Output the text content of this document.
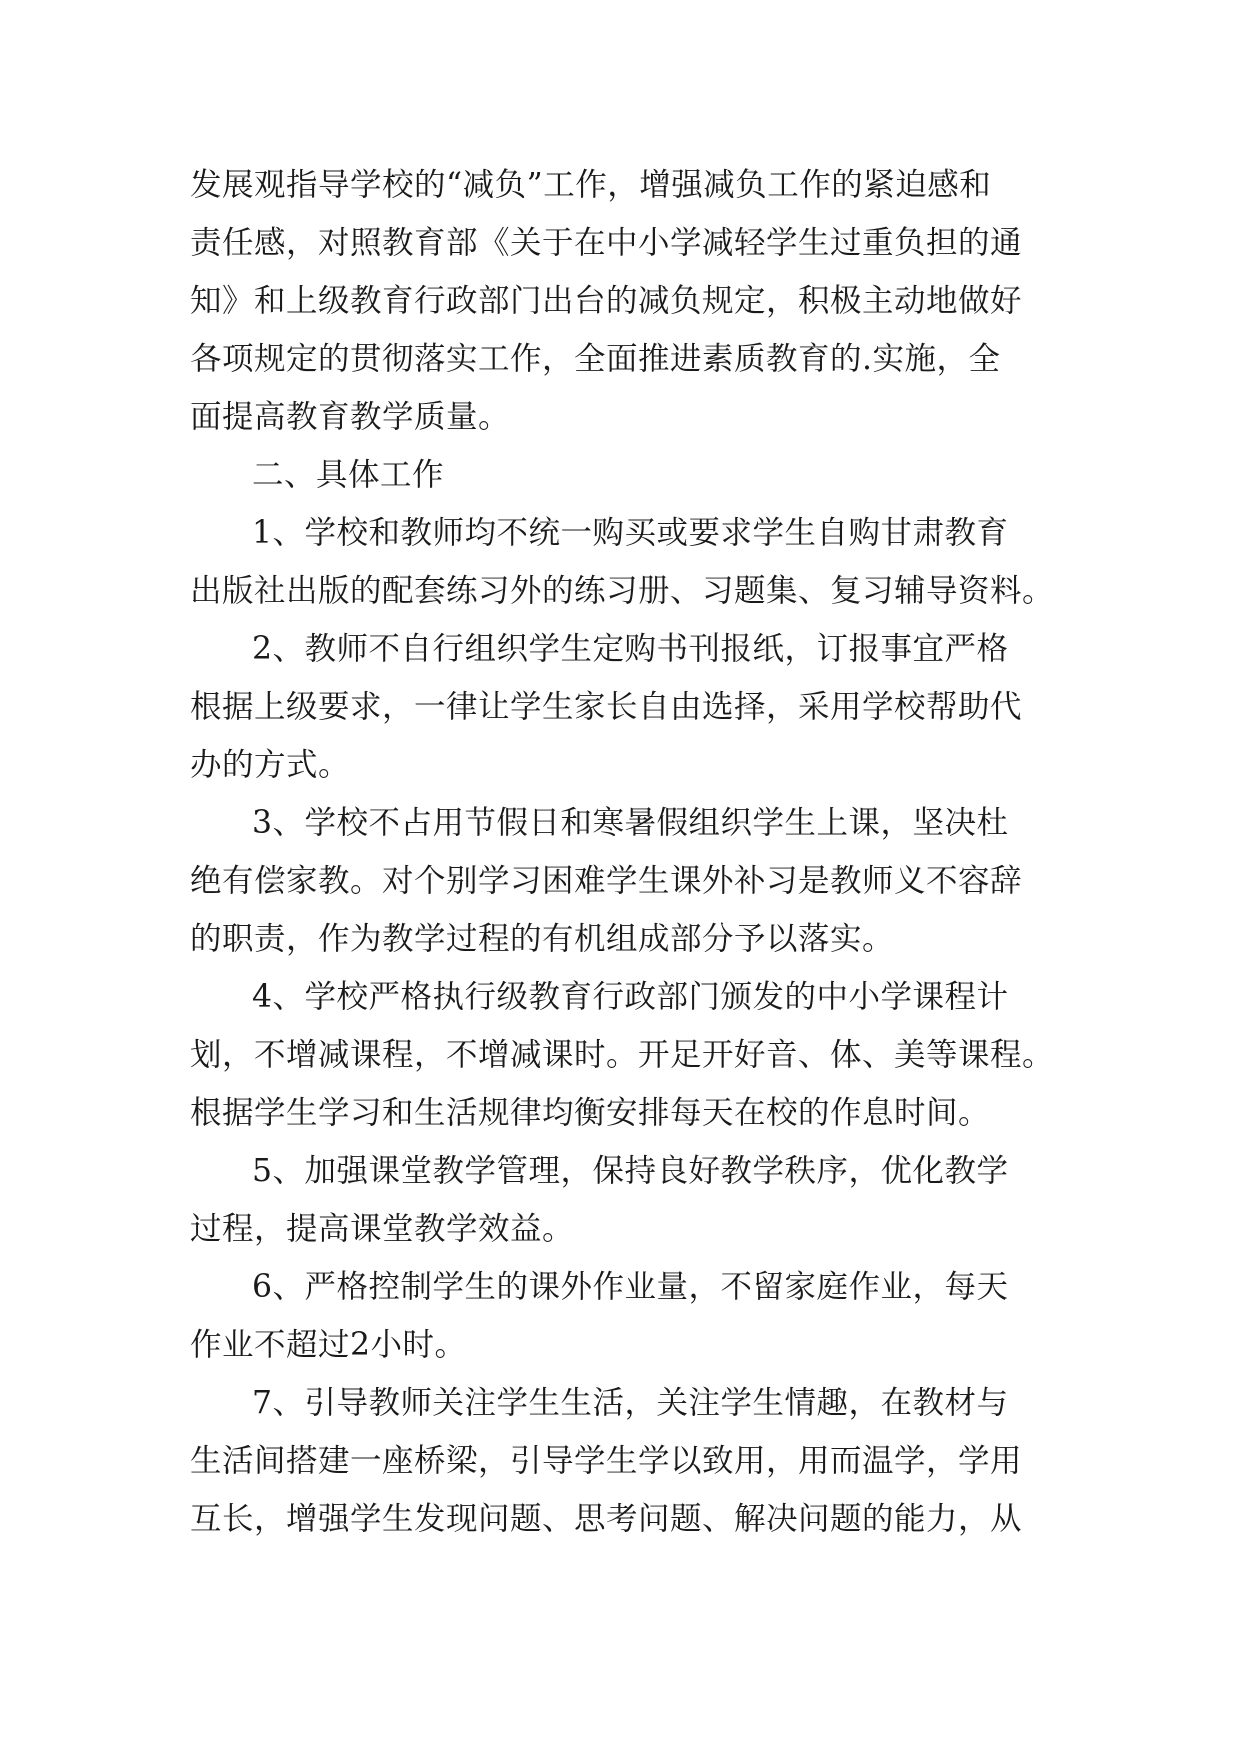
发展观指导学校的“减负”工作，增强减负工作的紧迫感和
责任感，对照教育部《关于在中小学减轻学生过重负担的通
知》和上级教育行政部门出台的减负规定，积极主动地做好
各项规定的贯彻落实工作，全面推进素质教育的.实施，全
面提高教育教学质量。
二、具体工作
1、学校和教师均不统一购买或要求学生自购甘肃教育
出版社出版的配套练习外的练习册、习题集、复习辅导资料。
2、教师不自行组织学生定购书刊报纸，订报事宜严格
根据上级要求，一律让学生家长自由选择，采用学校帮助代
办的方式。
3、学校不占用节假日和寒暑假组织学生上课，坚决杜
绝有偿家教。对个别学习困难学生课外补习是教师义不容辞
的职责，作为教学过程的有机组成部分予以落实。
4、学校严格执行级教育行政部门颁发的中小学课程计
划，不增减课程，不增减课时。开足开好音、体、美等课程。
根据学生学习和生活规律均衡安排每天在校的作息时间。
5、加强课堂教学管理，保持良好教学秩序，优化教学
过程，提高课堂教学效益。
6、严格控制学生的课外作业量，不留家庭作业，每天
作业不超过2小时。
7、引导教师关注学生生活，关注学生情趣，在教材与
生活间搭建一座桥梁，引导学生学以致用，用而温学，学用
互长，增强学生发现问题、思考问题、解决问题的能力，从
